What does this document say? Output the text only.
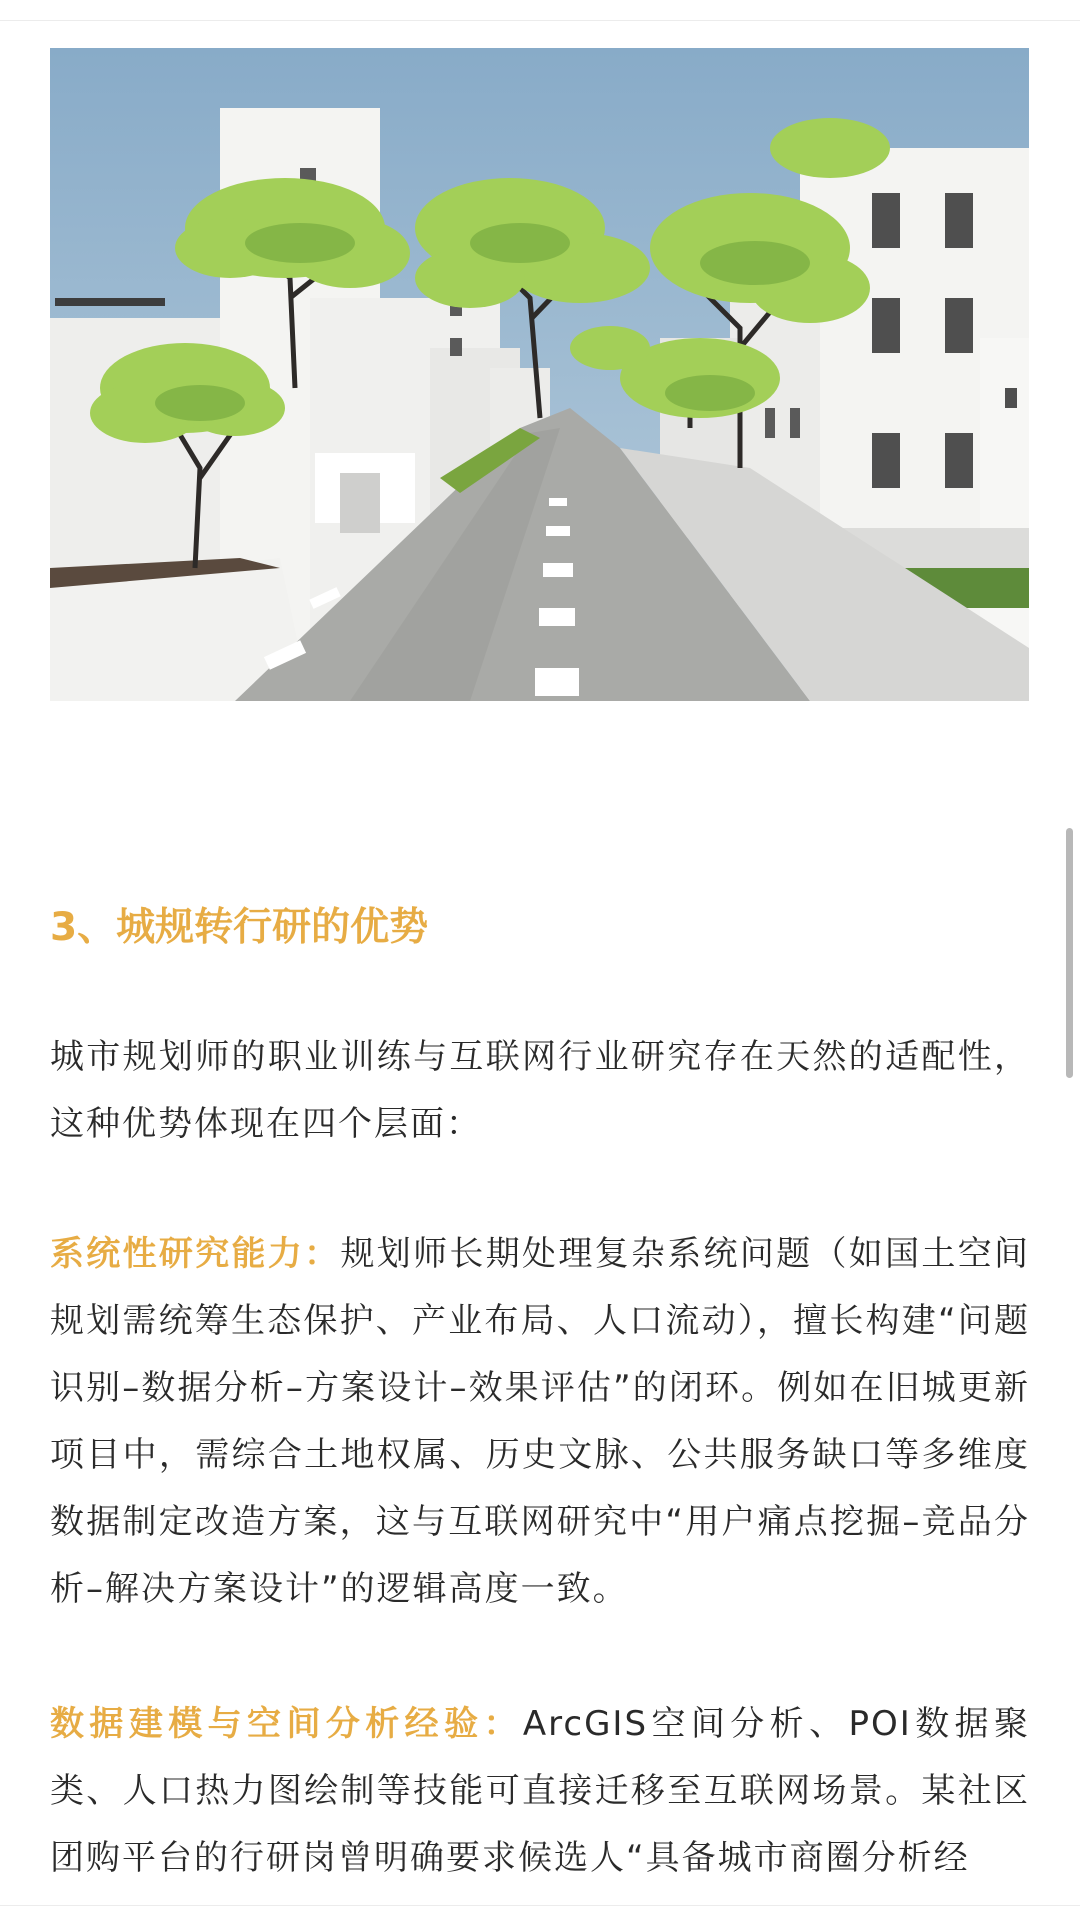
3、城规转行研的优势

城市规划师的职业训练与互联网行业研究存在天然的适配性，这种优势体现在四个层面：

系统性研究能力：规划师长期处理复杂系统问题（如国土空间规划需统筹生态保护、产业布局、人口流动），擅长构建“问题识别–数据分析–方案设计–效果评估”的闭环。例如在旧城更新项目中，需综合土地权属、历史文脉、公共服务缺口等多维度数据制定改造方案，这与互联网研究中“用户痛点挖掘–竞品分析–解决方案设计”的逻辑高度一致。

数据建模与空间分析经验：ArcGIS空间分析、POI数据聚类、人口热力图绘制等技能可直接迁移至互联网场景。某社区团购平台的行研岗曾明确要求候选人“具备城市商圈分析经
